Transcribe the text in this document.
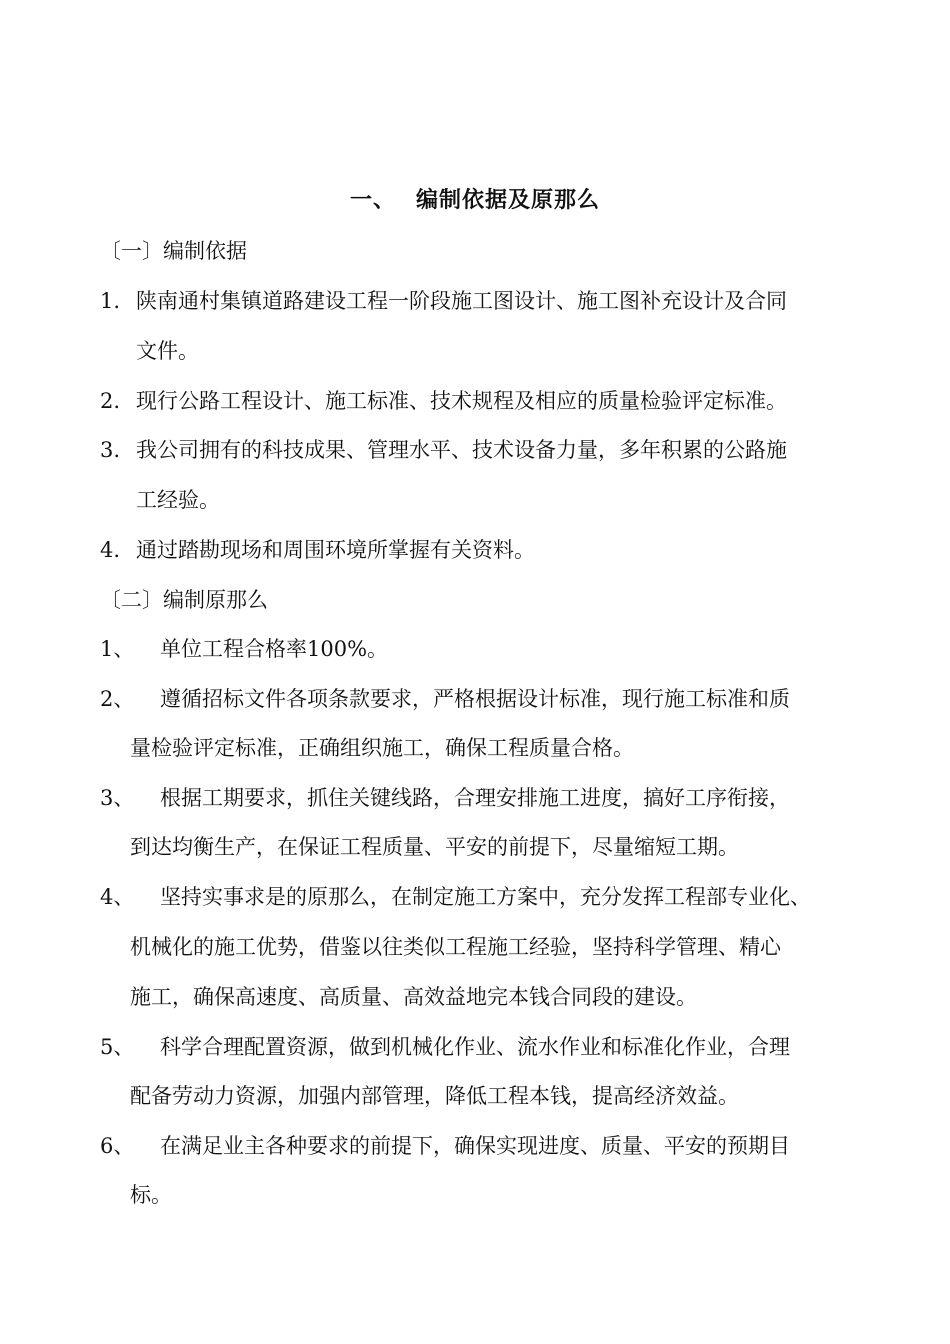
一、 编制依据及原那么
〔一〕编制依据
1. 陕南通村集镇道路建设工程一阶段施工图设计、施工图补充设计及合同
文件。
2. 现行公路工程设计、施工标准、技术规程及相应的质量检验评定标准。
3. 我公司拥有的科技成果、管理水平、技术设备力量，多年积累的公路施
工经验。
4. 通过踏勘现场和周围环境所掌握有关资料。
〔二〕编制原那么
1、 单位工程合格率100%。
2、 遵循招标文件各项条款要求，严格根据设计标准，现行施工标准和质
量检验评定标准，正确组织施工，确保工程质量合格。
3、 根据工期要求，抓住关键线路，合理安排施工进度，搞好工序衔接，
到达均衡生产，在保证工程质量、平安的前提下，尽量缩短工期。
4、 坚持实事求是的原那么，在制定施工方案中，充分发挥工程部专业化、
机械化的施工优势，借鉴以往类似工程施工经验，坚持科学管理、精心
施工，确保高速度、高质量、高效益地完本钱合同段的建设。
5、 科学合理配置资源，做到机械化作业、流水作业和标准化作业，合理
配备劳动力资源，加强内部管理，降低工程本钱，提高经济效益。
6、 在满足业主各种要求的前提下，确保实现进度、质量、平安的预期目
标。
